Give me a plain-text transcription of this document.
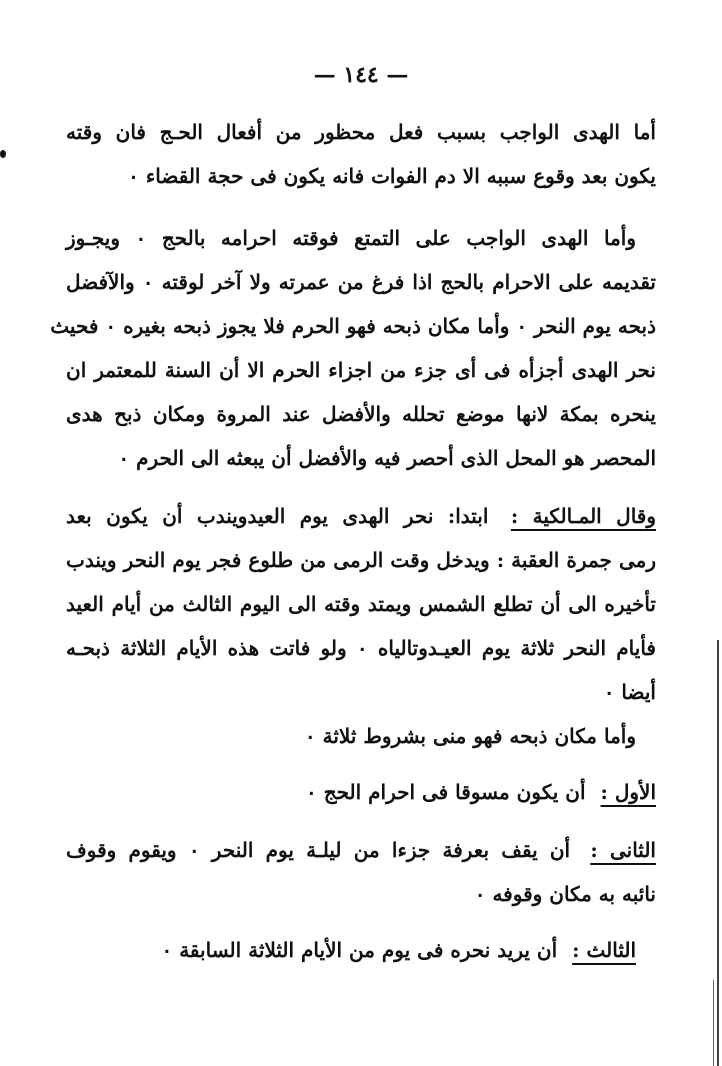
— ١٤٤ —
أما الهدى الواجب بسبب فعل محظور من أفعال الحـج فان وقته
يكون بعد وقوع سببه الا دم الفوات فانه يكون فى حجة القضاء ٠
وأما الهدى الواجب على التمتع فوقته احرامه بالحج ٠ ويجـوز
تقديمه على الاحرام بالحج اذا فرغ من عمرته ولا آخر لوقته ٠ والآفضل
ذبحه يوم النحر ٠ وأما مكان ذبحه فهو الحرم فلا يجوز ذبحه بغيره ٠ فحيث
نحر الهدى أجزأه فى أى جزء من اجزاء الحرم الا أن السنة للمعتمر ان
ينحره بمكة لانها موضع تحلله والأفضل عند المروة ومكان ذبح هدى
المحصر هو المحل الذى أحصر فيه والأفضل أن يبعثه الى الحرم ٠
وقال المـالكية : ابتدا: نحر الهدى يوم العيدويندب أن يكون بعد
رمى جمرة العقبة : ويدخل وقت الرمى من طلوع فجر يوم النحر ويندب
تأخيره الى أن تطلع الشمس ويمتد وقته الى اليوم الثالث من أيام العيد
فأيام النحر ثلاثة يوم العيـدوتالياه ٠ ولو فاتت هذه الأيام الثلاثة ذبحـه
أيضا ٠
وأما مكان ذبحه فهو منى بشروط ثلاثة ٠
الأول : أن يكون مسوقا فى احرام الحج ٠
الثانى : أن يقف بعرفة جزءا من ليلـة يوم النحر ٠ ويقوم وقوف
نائبه به مكان وقوفه ٠
الثالث : أن يريد نحره فى يوم من الأيام الثلاثة السابقة ٠
